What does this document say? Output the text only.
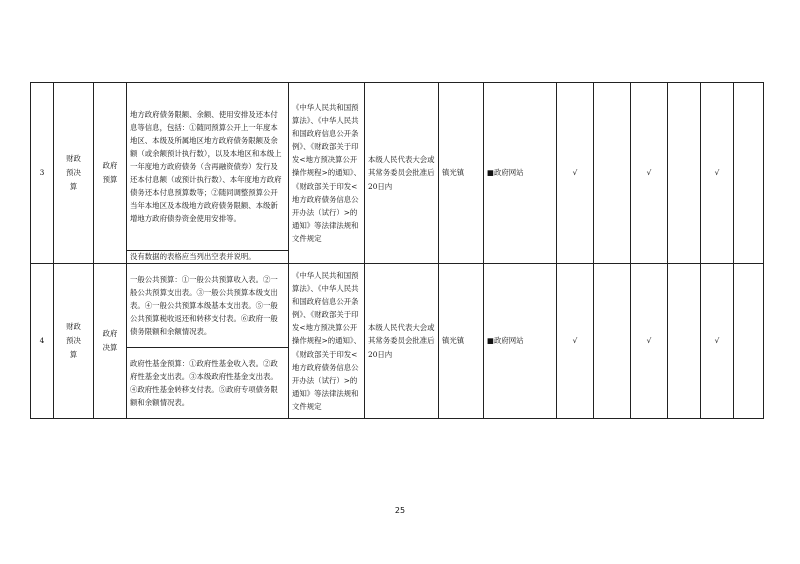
3	财政
预决
算	政府
预算	地方政府债务限额、余额、使用安排及还本付息等信息，包括：①随同预算公开上一年度本地区、本级及所属地区地方政府债务限额及余额（或余额预计执行数），以及本地区和本级上一年度地方政府债务（含再融资债券）发行及还本付息额（或预计执行数）、本年度地方政府债务还本付息预算数等；②随同调整预算公开当年本地区及本级地方政府债务限额、本级新增地方政府债券资金使用安排等。	《中华人民共和国预算法》、《中华人民共和国政府信息公开条例》、《财政部关于印发<地方预决算公开操作规程>的通知》、《财政部关于印发<地方政府债务信息公开办法（试行）>的通知》等法律法规和文件规定	本级人民代表大会或其常务委员会批准后20日内	镇光镇	■政府网站	√		√		√	
			没有数据的表格应当列出空表并说明。										
4	财政
预决
算	政府
决算	一般公共预算：①一般公共预算收入表。②一般公共预算支出表。③一般公共预算本级支出表。④一般公共预算本级基本支出表。⑤一般公共预算税收返还和转移支付表。⑥政府一般债务限额和余额情况表。	《中华人民共和国预算法》、《中华人民共和国政府信息公开条例》、《财政部关于印发<地方预决算公开操作规程>的通知》、《财政部关于印发<地方政府债务信息公开办法（试行）>的通知》等法律法规和文件规定	本级人民代表大会或其常务委员会批准后20日内	镇光镇	■政府网站	√		√		√	
			政府性基金预算：①政府性基金收入表。②政府性基金支出表。③本级政府性基金支出表。④政府性基金转移支付表。⑤政府专项债务限额和余额情况表。										
25
